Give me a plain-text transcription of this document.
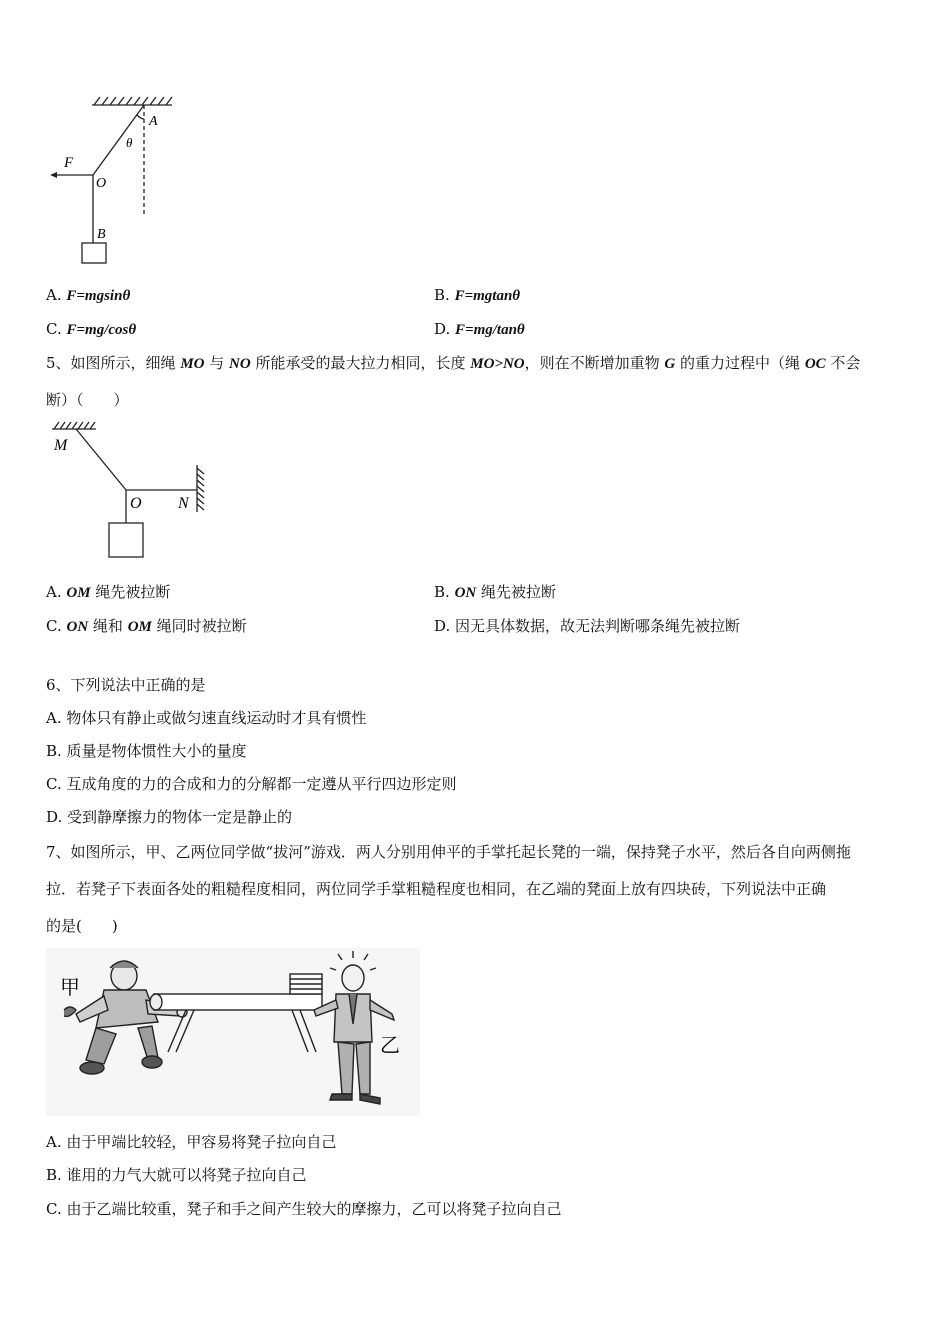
A
θ
F
O
B
A. F=mgsinθ	B. F=mgtanθ
C. F=mg/cosθ	D. F=mg/tanθ
5、如图所示，细绳 MO 与 NO 所能承受的最大拉力相同，长度 MO>NO，则在不断增加重物 G 的重力过程中（绳 OC 不会
断）（　　）
M
O N
A. OM 绳先被拉断	B. ON 绳先被拉断
C. ON 绳和 OM 绳同时被拉断	D. 因无具体数据，故无法判断哪条绳先被拉断
6、下列说法中正确的是
A. 物体只有静止或做匀速直线运动时才具有惯性
B. 质量是物体惯性大小的量度
C. 互成角度的力的合成和力的分解都一定遵从平行四边形定则
D. 受到静摩擦力的物体一定是静止的
7、如图所示，甲、乙两位同学做“拔河”游戏．两人分别用伸平的手掌托起长凳的一端，保持凳子水平，然后各自向两侧拖
拉．若凳子下表面各处的粗糙程度相同，两位同学手掌粗糙程度也相同，在乙端的凳面上放有四块砖，下列说法中正确
的是(　　)
甲
乙
A. 由于甲端比较轻，甲容易将凳子拉向自己
B. 谁用的力气大就可以将凳子拉向自己
C. 由于乙端比较重，凳子和手之间产生较大的摩擦力，乙可以将凳子拉向自己
